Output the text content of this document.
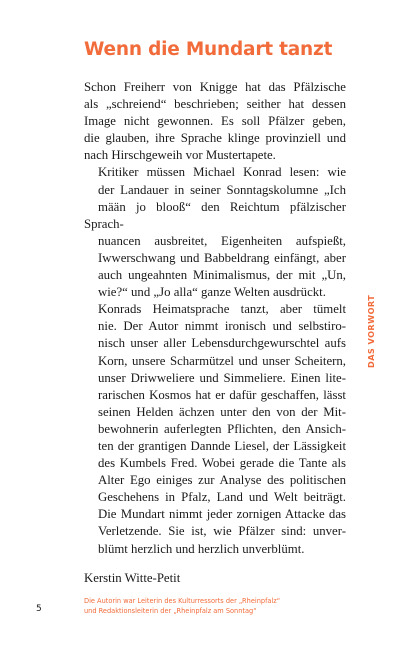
Wenn die Mundart tanzt

Schon Freiherr von Knigge hat das Pfälzische
als „schreiend“ beschrieben; seither hat dessen
Image nicht gewonnen. Es soll Pfälzer geben,
die glauben, ihre Sprache klinge provinziell und
nach Hirschgeweih vor Mustertapete.

Kritiker müssen Michael Konrad lesen: wie
der Landauer in seiner Sonntagskolumne „Ich
mään jo blooß“ den Reichtum pfälzischer Sprach-
nuancen ausbreitet, Eigenheiten aufspießt,
Iwwerschwang und Babbeldrang einfängt, aber
auch ungeahnten Minimalismus, der mit „Un,
wie?“ und „Jo alla“ ganze Welten ausdrückt.

Konrads Heimatsprache tanzt, aber tümelt
nie. Der Autor nimmt ironisch und selbstiro-
nisch unser aller Lebensdurchgewurschtel aufs
Korn, unsere Scharmützel und unser Scheitern,
unser Driwweliere und Simmeliere. Einen lite-
rarischen Kosmos hat er dafür geschaffen, lässt
seinen Helden ächzen unter den von der Mit-
bewohnerin auferlegten Pflichten, den Ansich-
ten der grantigen Dannde Liesel, der Lässigkeit
des Kumbels Fred. Wobei gerade die Tante als
Alter Ego einiges zur Analyse des politischen
Geschehens in Pfalz, Land und Welt beiträgt.
Die Mundart nimmt jeder zornigen Attacke das
Verletzende. Sie ist, wie Pfälzer sind: unver-
blümt herzlich und herzlich unverblümt.

Kerstin Witte-Petit
Die Autorin war Leiterin des Kulturressorts der „Rheinpfalz“
und Redaktionsleiterin der „Rheinpfalz am Sonntag“
5
DAS VORWORT
